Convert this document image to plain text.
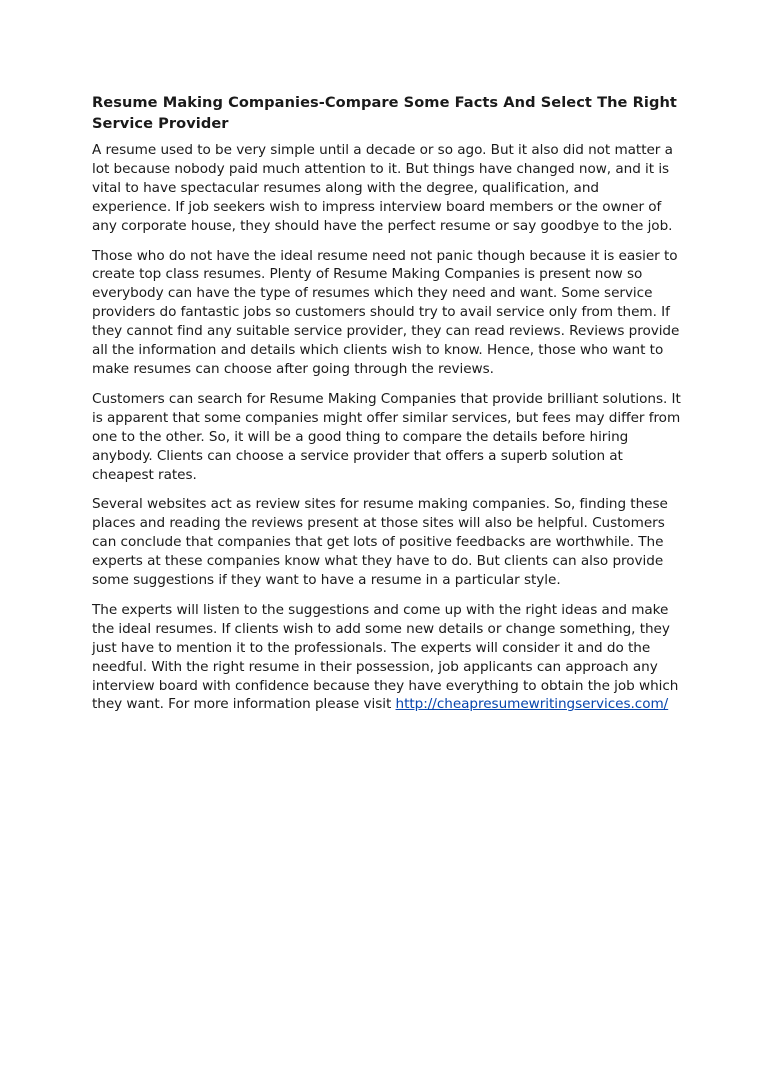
Resume Making Companies-Compare Some Facts And Select The Right Service Provider

A resume used to be very simple until a decade or so ago. But it also did not matter a lot because nobody paid much attention to it. But things have changed now, and it is vital to have spectacular resumes along with the degree, qualification, and experience. If job seekers wish to impress interview board members or the owner of any corporate house, they should have the perfect resume or say goodbye to the job.

Those who do not have the ideal resume need not panic though because it is easier to create top class resumes. Plenty of Resume Making Companies is present now so everybody can have the type of resumes which they need and want. Some service providers do fantastic jobs so customers should try to avail service only from them. If they cannot find any suitable service provider, they can read reviews. Reviews provide all the information and details which clients wish to know. Hence, those who want to make resumes can choose after going through the reviews.

Customers can search for Resume Making Companies that provide brilliant solutions. It is apparent that some companies might offer similar services, but fees may differ from one to the other. So, it will be a good thing to compare the details before hiring anybody. Clients can choose a service provider that offers a superb solution at cheapest rates.

Several websites act as review sites for resume making companies. So, finding these places and reading the reviews present at those sites will also be helpful. Customers can conclude that companies that get lots of positive feedbacks are worthwhile. The experts at these companies know what they have to do. But clients can also provide some suggestions if they want to have a resume in a particular style.

The experts will listen to the suggestions and come up with the right ideas and make the ideal resumes. If clients wish to add some new details or change something, they just have to mention it to the professionals. The experts will consider it and do the needful. With the right resume in their possession, job applicants can approach any interview board with confidence because they have everything to obtain the job which they want. For more information please visit http://cheapresumewritingservices.com/
